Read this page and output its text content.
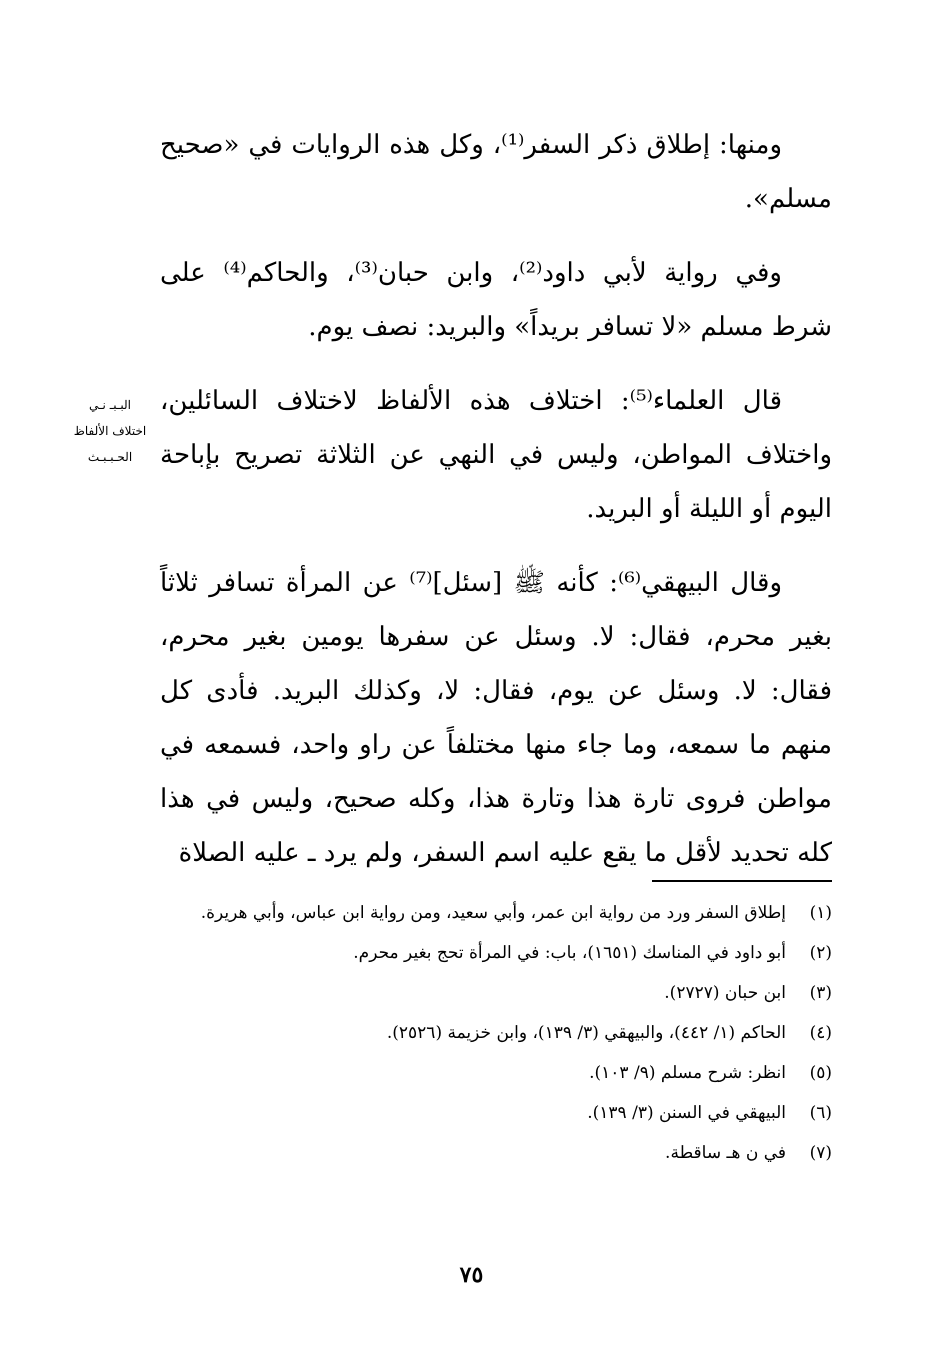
ومنها: إطلاق ذكر السفر⁽¹⁾، وكل هذه الروايات في «صحيح مسلم».

وفي رواية لأبي داود⁽²⁾، وابن حبان⁽³⁾، والحاكم⁽⁴⁾ على شرط مسلم «لا تسافر بريداً» والبريد: نصف يوم.

قال العلماء⁽⁵⁾: اختلاف هذه الألفاظ لاختلاف السائلين، واختلاف المواطن، وليس في النهي عن الثلاثة تصريح بإباحة اليوم أو الليلة أو البريد.

البـبـ نـي
اختلاف الألفاظ
الحـبـبـث

وقال البيهقي⁽⁶⁾: كأنه ﷺ [سئل]⁽⁷⁾ عن المرأة تسافر ثلاثاً بغير محرم، فقال: لا. وسئل عن سفرها يومين بغير محرم، فقال: لا. وسئل عن يوم، فقال: لا، وكذلك البريد. فأدى كل منهم ما سمعه، وما جاء منها مختلفاً عن راو واحد، فسمعه في مواطن فروى تارة هذا وتارة هذا، وكله صحيح، وليس في هذا كله تحديد لأقل ما يقع عليه اسم السفر، ولم يرد ـ عليه الصلاة

(١)
إطلاق السفر ورد من رواية ابن عمر، وأبي سعيد، ومن رواية ابن عباس، وأبي هريرة.
(٢)
أبو داود في المناسك (١٦٥١)، باب: في المرأة تحج بغير محرم.
(٣)
ابن حبان (٢٧٢٧).
(٤)
الحاكم (١/ ٤٤٢)، والبيهقي (٣/ ١٣٩)، وابن خزيمة (٢٥٢٦).
(٥)
انظر: شرح مسلم (٩/ ١٠٣).
(٦)
البيهقي في السنن (٣/ ١٣٩).
(٧)
في ن هـ ساقطة.
٧٥
